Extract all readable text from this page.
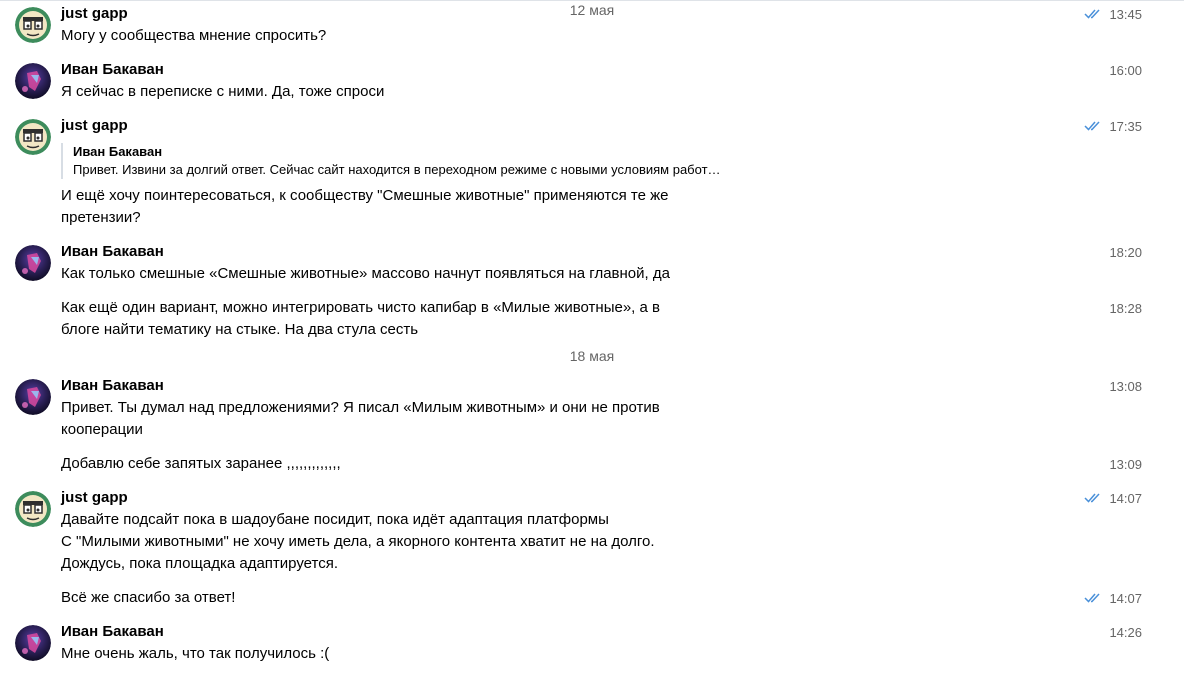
12 мая
just gapp
Могу у сообщества мнение спросить?
13:45
Иван Бакаван
Я сейчас в переписке с ними. Да, тоже спроси
16:00
just gapp
Иван Бакаван
Привет. Извини за долгий ответ. Сейчас сайт находится в переходном режиме с новыми условиям работ…
И ещё хочу поинтересоваться, к сообществу "Смешные животные" применяются те же
претензии?
17:35
Иван Бакаван
Как только смешные «Смешные животные» массово начнут появляться на главной, да
18:20
Как ещё один вариант, можно интегрировать чисто капибар в «Милые животные», а в
блоге найти тематику на стыке. На два стула сесть
18:28
18 мая
Иван Бакаван
Привет. Ты думал над предложениями? Я писал «Милым животным» и они не против
кооперации
13:08
Добавлю себе запятых заранее ,,,,,,,,,,,,,	13:09
just gapp
Давайте подсайт пока в шадоубане посидит, пока идёт адаптация платформы
С "Милыми животными" не хочу иметь дела, а якорного контента хватит не на долго.
Дождусь, пока площадка адаптируется.
14:07
Всё же спасибо за ответ!	14:07
Иван Бакаван
Мне очень жаль, что так получилось :(
14:26
